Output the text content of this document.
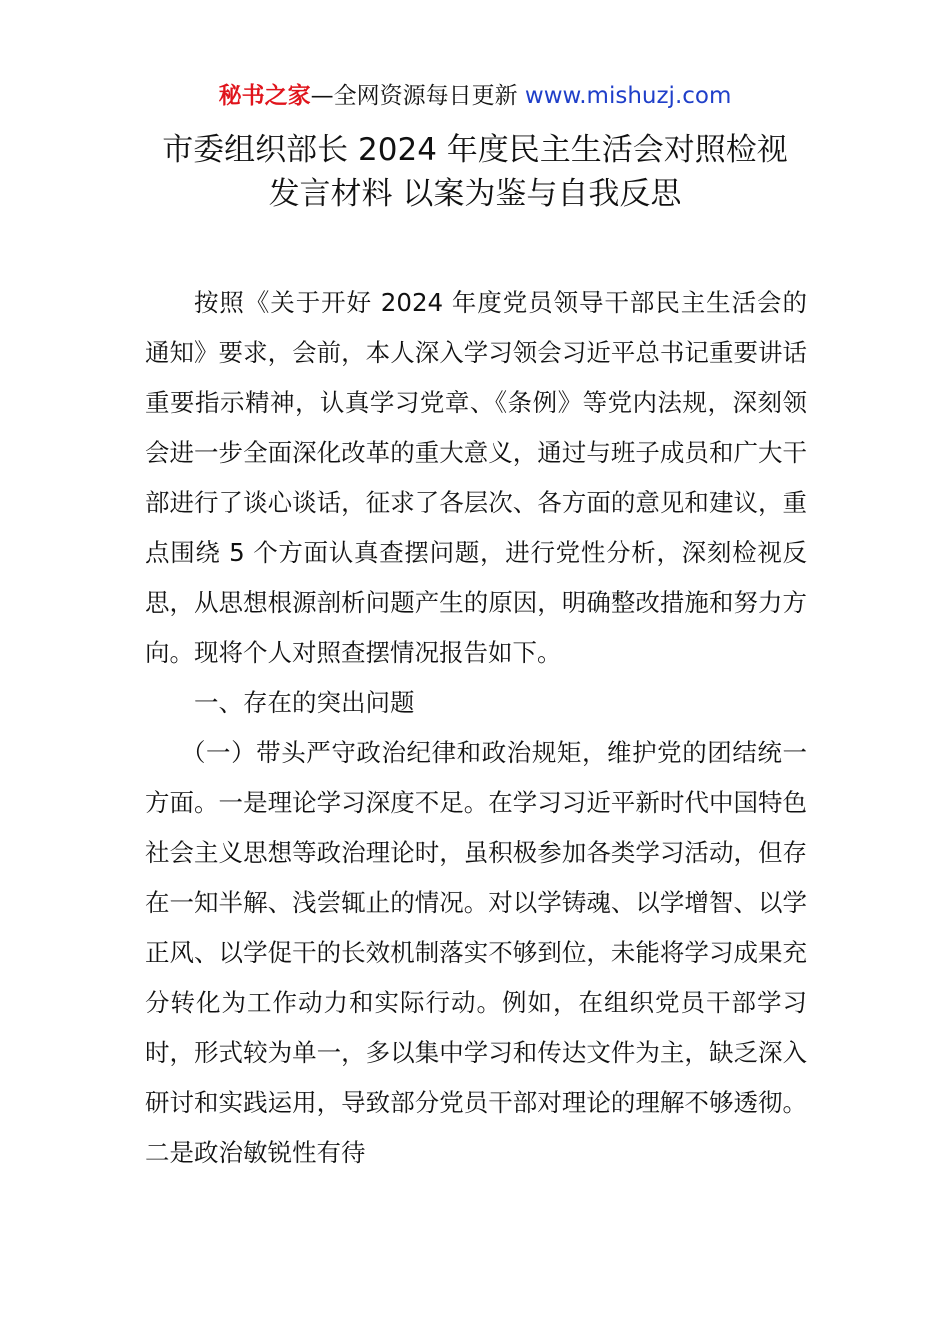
秘书之家—全网资源每日更新 www.mishuzj.com
市委组织部长 2024 年度民主生活会对照检视
发言材料 以案为鉴与自我反思

按照《关于开好 2024 年度党员领导干部民主生活会的通知》要求，会前，本人深入学习领会习近平总书记重要讲话重要指示精神，认真学习党章、《条例》等党内法规，深刻领会进一步全面深化改革的重大意义，通过与班子成员和广大干部进行了谈心谈话，征求了各层次、各方面的意见和建议，重点围绕 5 个方面认真查摆问题，进行党性分析，深刻检视反思，从思想根源剖析问题产生的原因，明确整改措施和努力方向。现将个人对照查摆情况报告如下。

一、存在的突出问题

（一）带头严守政治纪律和政治规矩，维护党的团结统一方面。一是理论学习深度不足。在学习习近平新时代中国特色社会主义思想等政治理论时，虽积极参加各类学习活动，但存在一知半解、浅尝辄止的情况。对以学铸魂、以学增智、以学正风、以学促干的长效机制落实不够到位，未能将学习成果充分转化为工作动力和实际行动。例如，在组织党员干部学习时，形式较为单一，多以集中学习和传达文件为主，缺乏深入研讨和实践运用，导致部分党员干部对理论的理解不够透彻。二是政治敏锐性有待
